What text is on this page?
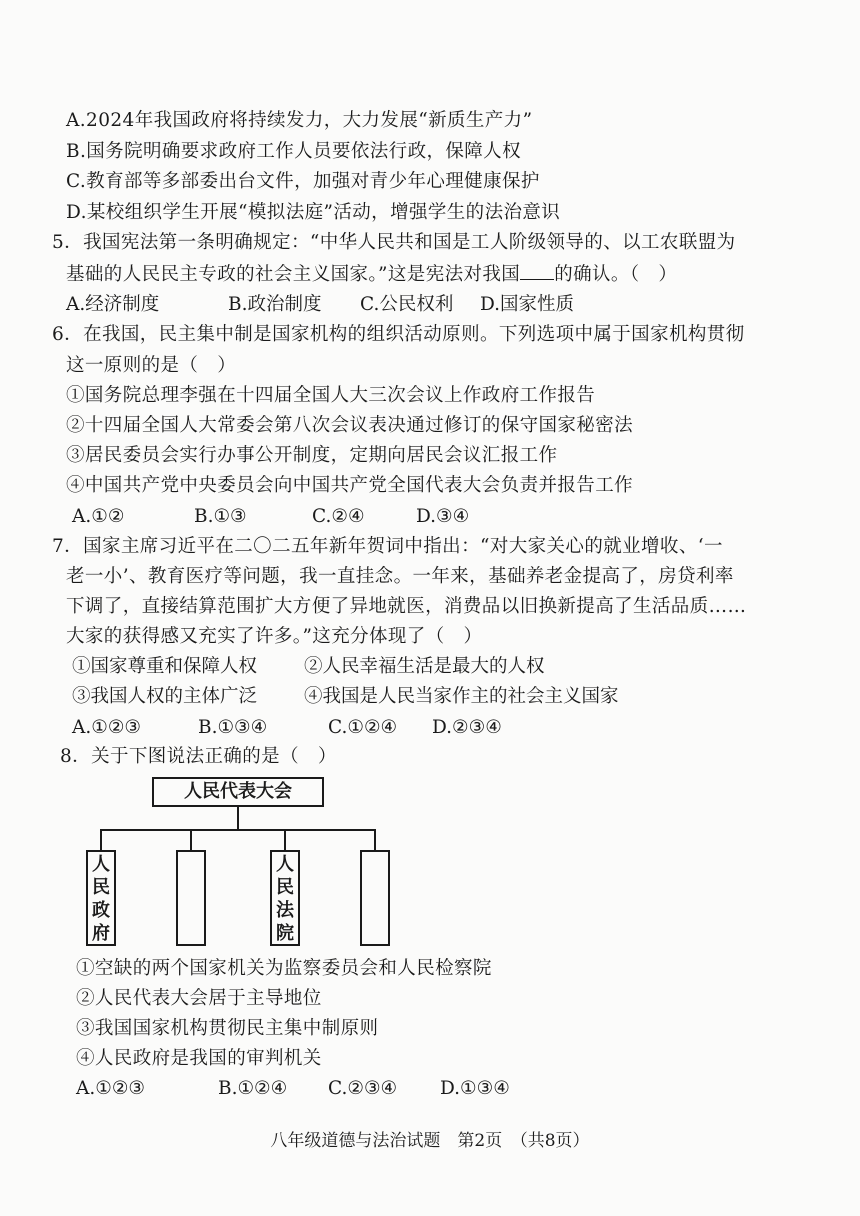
A.2024年我国政府将持续发力，大力发展“新质生产力”
B.国务院明确要求政府工作人员要依法行政，保障人权
C.教育部等多部委出台文件，加强对青少年心理健康保护
D.某校组织学生开展“模拟法庭”活动，增强学生的法治意识
5．我国宪法第一条明确规定：“中华人民共和国是工人阶级领导的、以工农联盟为
基础的人民民主专政的社会主义国家。”这是宪法对我国 的确认。（　）
A.经济制度	B.政治制度 C.公民权利 D.国家性质
6．在我国，民主集中制是国家机构的组织活动原则。下列选项中属于国家机构贯彻
这一原则的是（　）
①国务院总理李强在十四届全国人大三次会议上作政府工作报告
②十四届全国人大常委会第八次会议表决通过修订的保守国家秘密法
③居民委员会实行办事公开制度，定期向居民会议汇报工作
④中国共产党中央委员会向中国共产党全国代表大会负责并报告工作
A.①②	B.①③	C.②④	D.③④
7．国家主席习近平在二〇二五年新年贺词中指出：“对大家关心的就业增收、‘一
老一小’、教育医疗等问题，我一直挂念。一年来，基础养老金提高了，房贷利率
下调了，直接结算范围扩大方便了异地就医，消费品以旧换新提高了生活品质……
大家的获得感又充实了许多。”这充分体现了（　）
①国家尊重和保障人权	②人民幸福生活是最大的人权
③我国人权的主体广泛	④我国是人民当家作主的社会主义国家
A.①②③	B.①③④	C.①②④ D.②③④
8．关于下图说法正确的是（　）
人民代表大会
人
民
政
府
人
民
法
院
①空缺的两个国家机关为监察委员会和人民检察院
②人民代表大会居于主导地位
③我国国家机构贯彻民主集中制原则
④人民政府是我国的审判机关
A.①②③	B.①②④ C.②③④ D.①③④
八年级道德与法治试题　第2页　（共8页）
